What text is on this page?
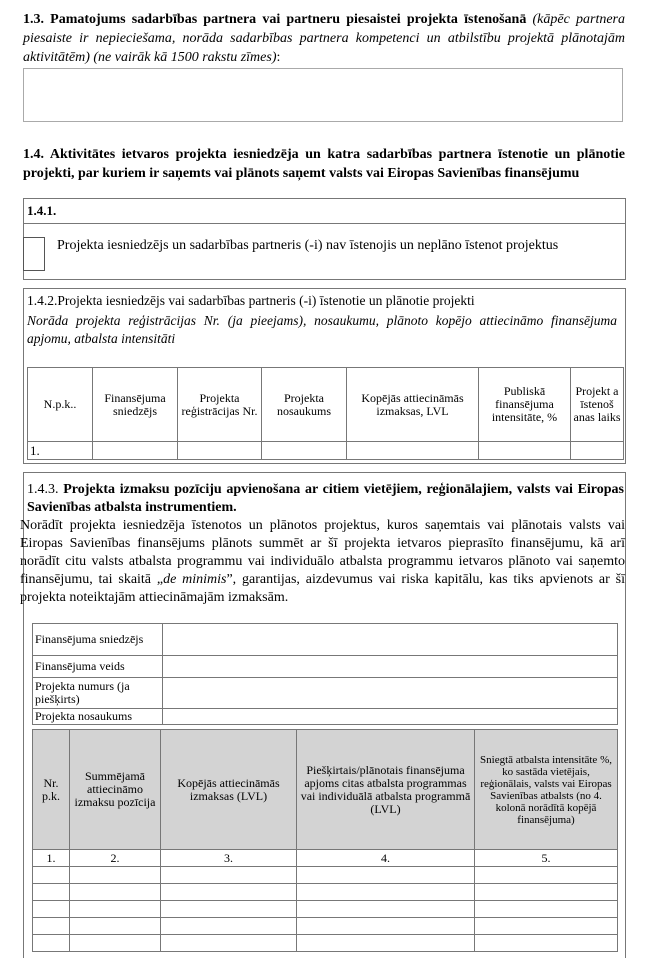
1.3. Pamatojums sadarbības partnera vai partneru piesaistei projekta īstenošanā (kāpēc partnera piesaiste ir nepieciešama, norāda sadarbības partnera kompetenci un atbilstību projektā plānotajām aktivitātēm) (ne vairāk kā 1500 rakstu zīmes):

1.4. Aktivitātes ietvaros projekta iesniedzēja un katra sadarbības partnera īstenotie un plānotie projekti, par kuriem ir saņemts vai plānots saņemt valsts vai Eiropas Savienības finansējumu

1.4.1.
Projekta iesniedzējs un sadarbības partneris (-i) nav īstenojis un neplāno īstenot projektus
1.4.2.Projekta iesniedzējs vai sadarbības partneris (-i) īstenotie un plānotie projekti
Norāda projekta reģistrācijas Nr. (ja pieejams), nosaukumu, plānoto kopējo attiecināmo finansējuma apjomu, atbalsta intensitāti
N.p.k..	Finansējuma sniedzējs	Projekta reģistrācijas Nr.	Projekta nosaukums	Kopējās attiecināmās izmaksas, LVL	Publiskā finansējuma intensitāte, %	Projekt a īstenoš anas laiks
1.						

1.4.3. Projekta izmaksu pozīciju apvienošana ar citiem vietējiem, reģionālajiem, valsts vai Eiropas Savienības atbalsta instrumentiem.

Norādīt projekta iesniedzēja īstenotos un plānotos projektus, kuros saņemtais vai plānotais valsts vai Eiropas Savienības finansējums plānots summēt ar šī projekta ietvaros pieprasīto finansējumu, kā arī norādīt citu valsts atbalsta programmu vai individuālo atbalsta programmu ietvaros plānoto vai saņemto finansējumu, tai skaitā „de minimis”, garantijas, aizdevumus vai riska kapitālu, kas tiks apvienots ar šī projekta noteiktajām attiecināmajām izmaksām.

Finansējuma sniedzējs	
Finansējuma veids	
Projekta numurs (ja piešķirts)	
Projekta nosaukums	
Nr. p.k.	Summējamā attiecināmo izmaksu pozīcija	Kopējās attiecināmās izmaksas (LVL)	Piešķirtais/plānotais finansējuma apjoms citas atbalsta programmas vai individuālā atbalsta programmā (LVL)	Sniegtā atbalsta intensitāte %, ko sastāda vietējais, reģionālais, valsts vai Eiropas Savienības atbalsts (no 4. kolonā norādītā kopējā finansējuma)
1.	2.	3.	4.	5.
